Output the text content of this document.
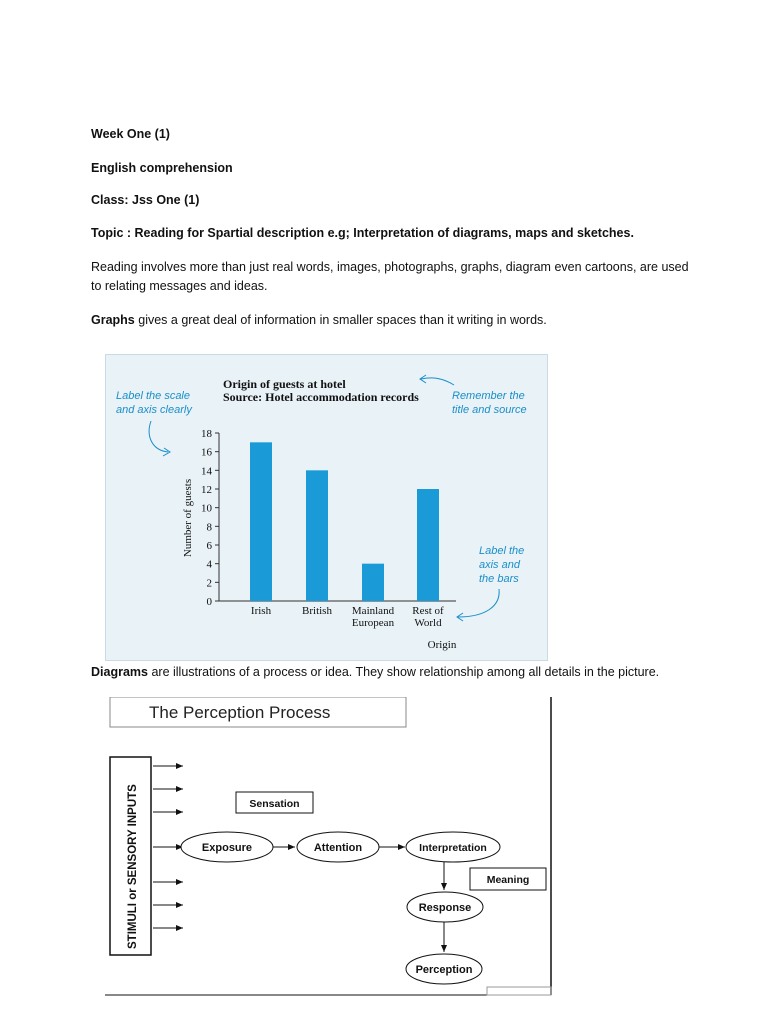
Week One (1)
English comprehension
Class: Jss One (1)
Topic : Reading for Spartial description e.g; Interpretation of diagrams, maps and sketches.
Reading involves more than just real words, images, photographs, graphs, diagram even cartoons, are used to relating messages and ideas.
Graphs gives a great deal of information in smaller spaces than it writing in words.
Origin of guests at hotel
Source: Hotel accommodation records
0
2
4
6
8
10
12
14
16
18
Number of guests
Irish	British Mainland
European
Rest of
World
Origin
Label the scale
and axis clearly
Remember the
title and source
Label the
axis and
the bars
Diagrams are illustrations of a process or idea. They show relationship among all details in the picture.
The Perception Process
STIMULI or SENSORY INPUTS	Sensation
Exposure	Attention	Interpretation
Meaning
Response
Perception
